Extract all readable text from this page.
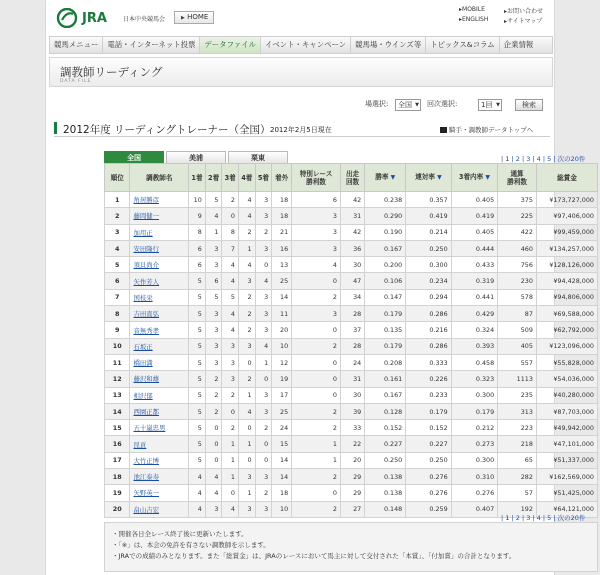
JRA	日本中央競馬会	▶ HOME
▸MOBILE	▸お問い合わせ
▸ENGLISH	▸サイトマップ
競馬メニュー	電話・インターネット投票	データファイル	イベント・キャンペーン	競馬場・ウインズ等	トピックス&コラム	企業情報
調教師リーディング
DATA FILE
場選択:	全国 ▼ 回次選択:	1回 ▼	検索
2012年度 リーディングトレーナー（全国） 2012年2月5日現在	騎手・調教師データトップへ
全国	美浦	栗東	| 1 | 2 | 3 | 4 | 5 | 次の20件
順位	調教師名	1着	2着	3着	4着	5着	着外	特別レース
勝利数	出走
回数	勝率 ▼	連対率 ▼	3着内率 ▼	通算
勝利数	総賞金
1	角居勝彦	10	5	2	4	3	18	6	42	0.238	0.357	0.405	375	¥173,727,000
2	藤岡健一	9	4	0	4	3	18	3	31	0.290	0.419	0.419	225	¥97,406,000
3	加用正	8	1	8	2	2	21	3	42	0.190	0.214	0.405	422	¥99,459,000
4	安田隆行	6	3	7	1	3	16	3	36	0.167	0.250	0.444	460	¥134,257,000
5	須貝尚介	6	3	4	4	0	13	4	30	0.200	0.300	0.433	756	¥128,126,000
6	矢作芳人	5	6	4	3	4	25	0	47	0.106	0.234	0.319	230	¥94,428,000
7	国枝栄	5	5	5	2	3	14	2	34	0.147	0.294	0.441	578	¥94,806,000
8	吉田直弘	5	3	4	2	3	11	3	28	0.179	0.286	0.429	87	¥69,588,000
9	音無秀孝	5	3	4	2	3	20	0	37	0.135	0.216	0.324	509	¥62,792,000
10	石坂正	5	3	3	3	4	10	2	28	0.179	0.286	0.393	405	¥123,096,000
11	橋田満	5	3	3	0	1	12	0	24	0.208	0.333	0.458	557	¥55,828,000
12	藤沢和雄	5	2	3	2	0	19	0	31	0.161	0.226	0.323	1113	¥54,036,000
13	相沢郁	5	2	2	1	3	17	0	30	0.167	0.233	0.300	235	¥40,280,000
14	西園正都	5	2	0	4	3	25	2	39	0.128	0.179	0.179	313	¥87,703,000
15	五十嵐忠男	5	0	2	0	2	24	2	33	0.152	0.152	0.212	223	¥49,942,000
16	昆貢	5	0	1	1	0	15	1	22	0.227	0.227	0.273	218	¥47,101,000
17	大竹正博	5	0	1	0	0	14	1	20	0.250	0.250	0.300	65	¥51,337,000
18	池江泰寿	4	4	1	3	3	14	2	29	0.138	0.276	0.310	282	¥162,569,000
19	矢野英一	4	4	0	1	2	18	0	29	0.138	0.276	0.276	57	¥51,425,000
20	畠山吉宏	4	3	4	3	3	10	2	27	0.148	0.259	0.407	192	¥64,121,000
| 1 | 2 | 3 | 4 | 5 | 次の20件
・開催各日全レース終了後に更新いたします。
・「※」は、本会の免許を有さない調教師を示します。
・JRAでの成績のみとなります。また「総賞金」は、JRAのレースにおいて馬主に対して交付された「本賞」、「付加賞」の合計となります。
